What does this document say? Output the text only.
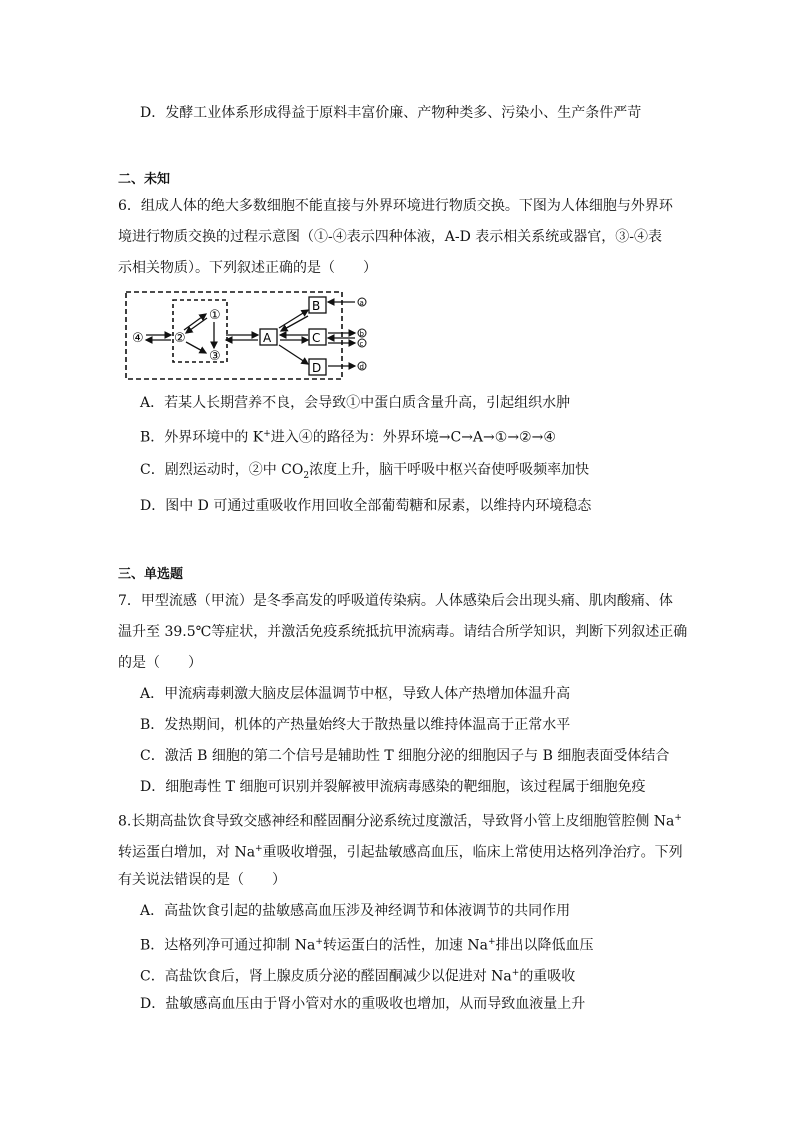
D．发酵工业体系形成得益于原料丰富价廉、产物种类多、污染小、生产条件严苛
二、未知
6．组成人体的绝大多数细胞不能直接与外界环境进行物质交换。下图为人体细胞与外界环
境进行物质交换的过程示意图（①-④表示四种体液，A-D 表示相关系统或器官，③-④表
示相关物质）。下列叙述正确的是（　　）
④ ②
①
③
A
B
C
D
a
b
c
d
A．若某人长期营养不良，会导致①中蛋白质含量升高，引起组织水肿
B．外界环境中的 K+进入④的路径为：外界环境→C→A→①→②→④
C．剧烈运动时，②中 $CO_2$浓度上升，脑干呼吸中枢兴奋使呼吸频率加快
D．图中 D 可通过重吸收作用回收全部葡萄糖和尿素，以维持内环境稳态
三、单选题
7．甲型流感（甲流）是冬季高发的呼吸道传染病。人体感染后会出现头痛、肌肉酸痛、体
温升至 39.5℃等症状，并激活免疫系统抵抗甲流病毒。请结合所学知识，判断下列叙述正确
的是（　　）
A．甲流病毒刺激大脑皮层体温调节中枢，导致人体产热增加体温升高
B．发热期间，机体的产热量始终大于散热量以维持体温高于正常水平
C．激活 B 细胞的第二个信号是辅助性 T 细胞分泌的细胞因子与 B 细胞表面受体结合
D．细胞毒性 T 细胞可识别并裂解被甲流病毒感染的靶细胞，该过程属于细胞免疫
8.长期高盐饮食导致交感神经和醛固酮分泌系统过度激活，导致肾小管上皮细胞管腔侧 Na+
转运蛋白增加，对 Na+重吸收增强，引起盐敏感高血压，临床上常使用达格列净治疗。下列
有关说法错误的是（　　）
A．高盐饮食引起的盐敏感高血压涉及神经调节和体液调节的共同作用
B．达格列净可通过抑制 Na+转运蛋白的活性，加速 Na+排出以降低血压
C．高盐饮食后，肾上腺皮质分泌的醛固酮减少以促进对 Na+的重吸收
D．盐敏感高血压由于肾小管对水的重吸收也增加，从而导致血液量上升
